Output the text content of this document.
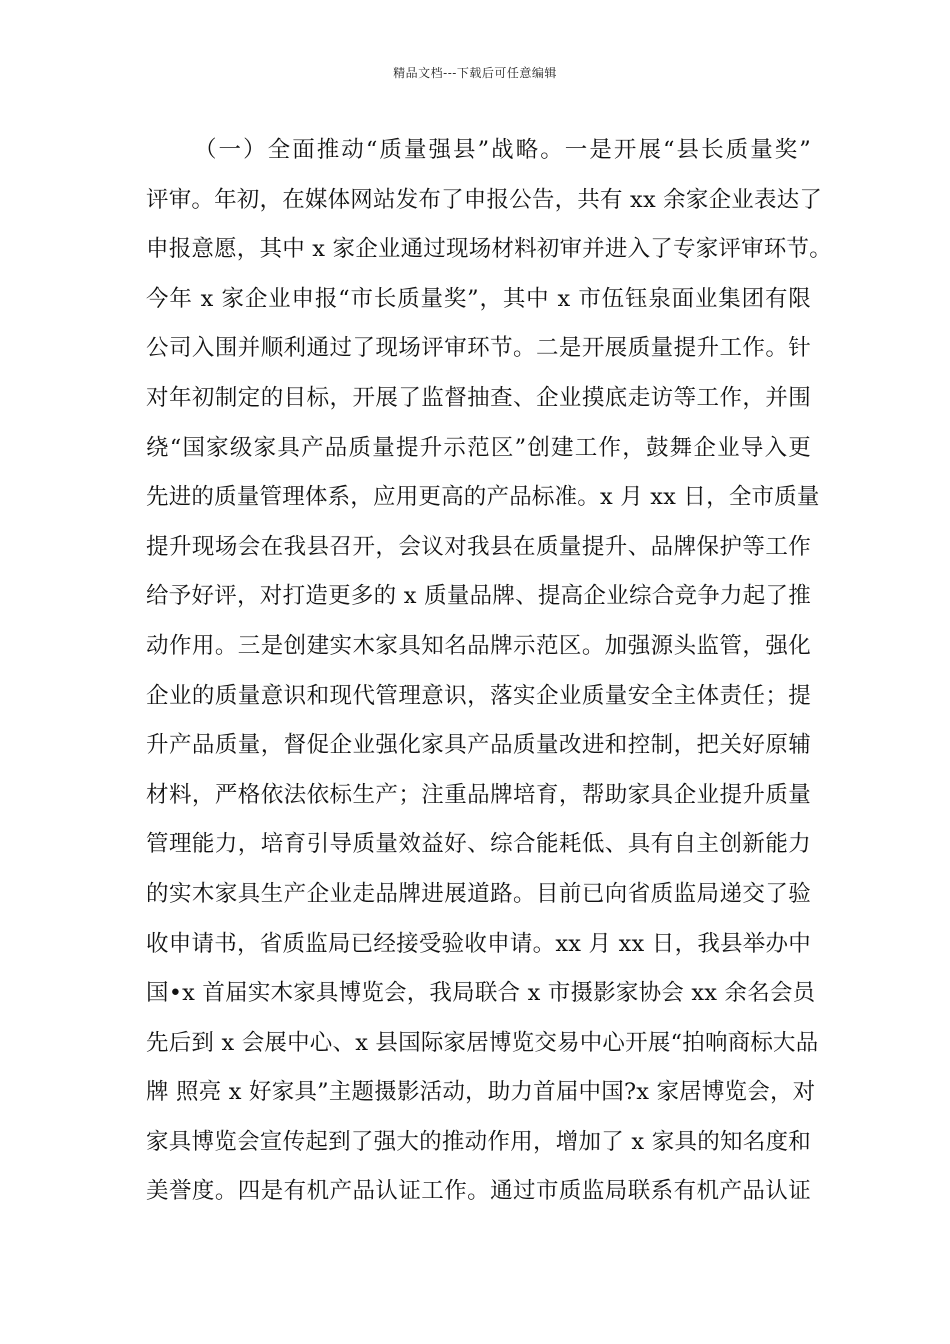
精品文档---下载后可任意编辑
（一）全面推动“质量强县”战略。一是开展“县长质量奖”
评审。年初，在媒体网站发布了申报公告，共有 xx 余家企业表达了
申报意愿，其中 x 家企业通过现场材料初审并进入了专家评审环节。
今年 x 家企业申报“市长质量奖”，其中 x 市伍钰泉面业集团有限
公司入围并顺利通过了现场评审环节。二是开展质量提升工作。针
对年初制定的目标，开展了监督抽查、企业摸底走访等工作，并围
绕“国家级家具产品质量提升示范区”创建工作，鼓舞企业导入更
先进的质量管理体系，应用更高的产品标准。x 月 xx 日，全市质量
提升现场会在我县召开，会议对我县在质量提升、品牌保护等工作
给予好评，对打造更多的 x 质量品牌、提高企业综合竞争力起了推
动作用。三是创建实木家具知名品牌示范区。加强源头监管，强化
企业的质量意识和现代管理意识，落实企业质量安全主体责任；提
升产品质量，督促企业强化家具产品质量改进和控制，把关好原辅
材料，严格依法依标生产；注重品牌培育，帮助家具企业提升质量
管理能力，培育引导质量效益好、综合能耗低、具有自主创新能力
的实木家具生产企业走品牌进展道路。目前已向省质监局递交了验
收申请书，省质监局已经接受验收申请。xx 月 xx 日，我县举办中
国•x 首届实木家具博览会，我局联合 x 市摄影家协会 xx 余名会员
先后到 x 会展中心、x 县国际家居博览交易中心开展“拍响商标大品
牌 照亮 x 好家具”主题摄影活动，助力首届中国?x 家居博览会，对
家具博览会宣传起到了强大的推动作用，增加了 x 家具的知名度和
美誉度。四是有机产品认证工作。通过市质监局联系有机产品认证
